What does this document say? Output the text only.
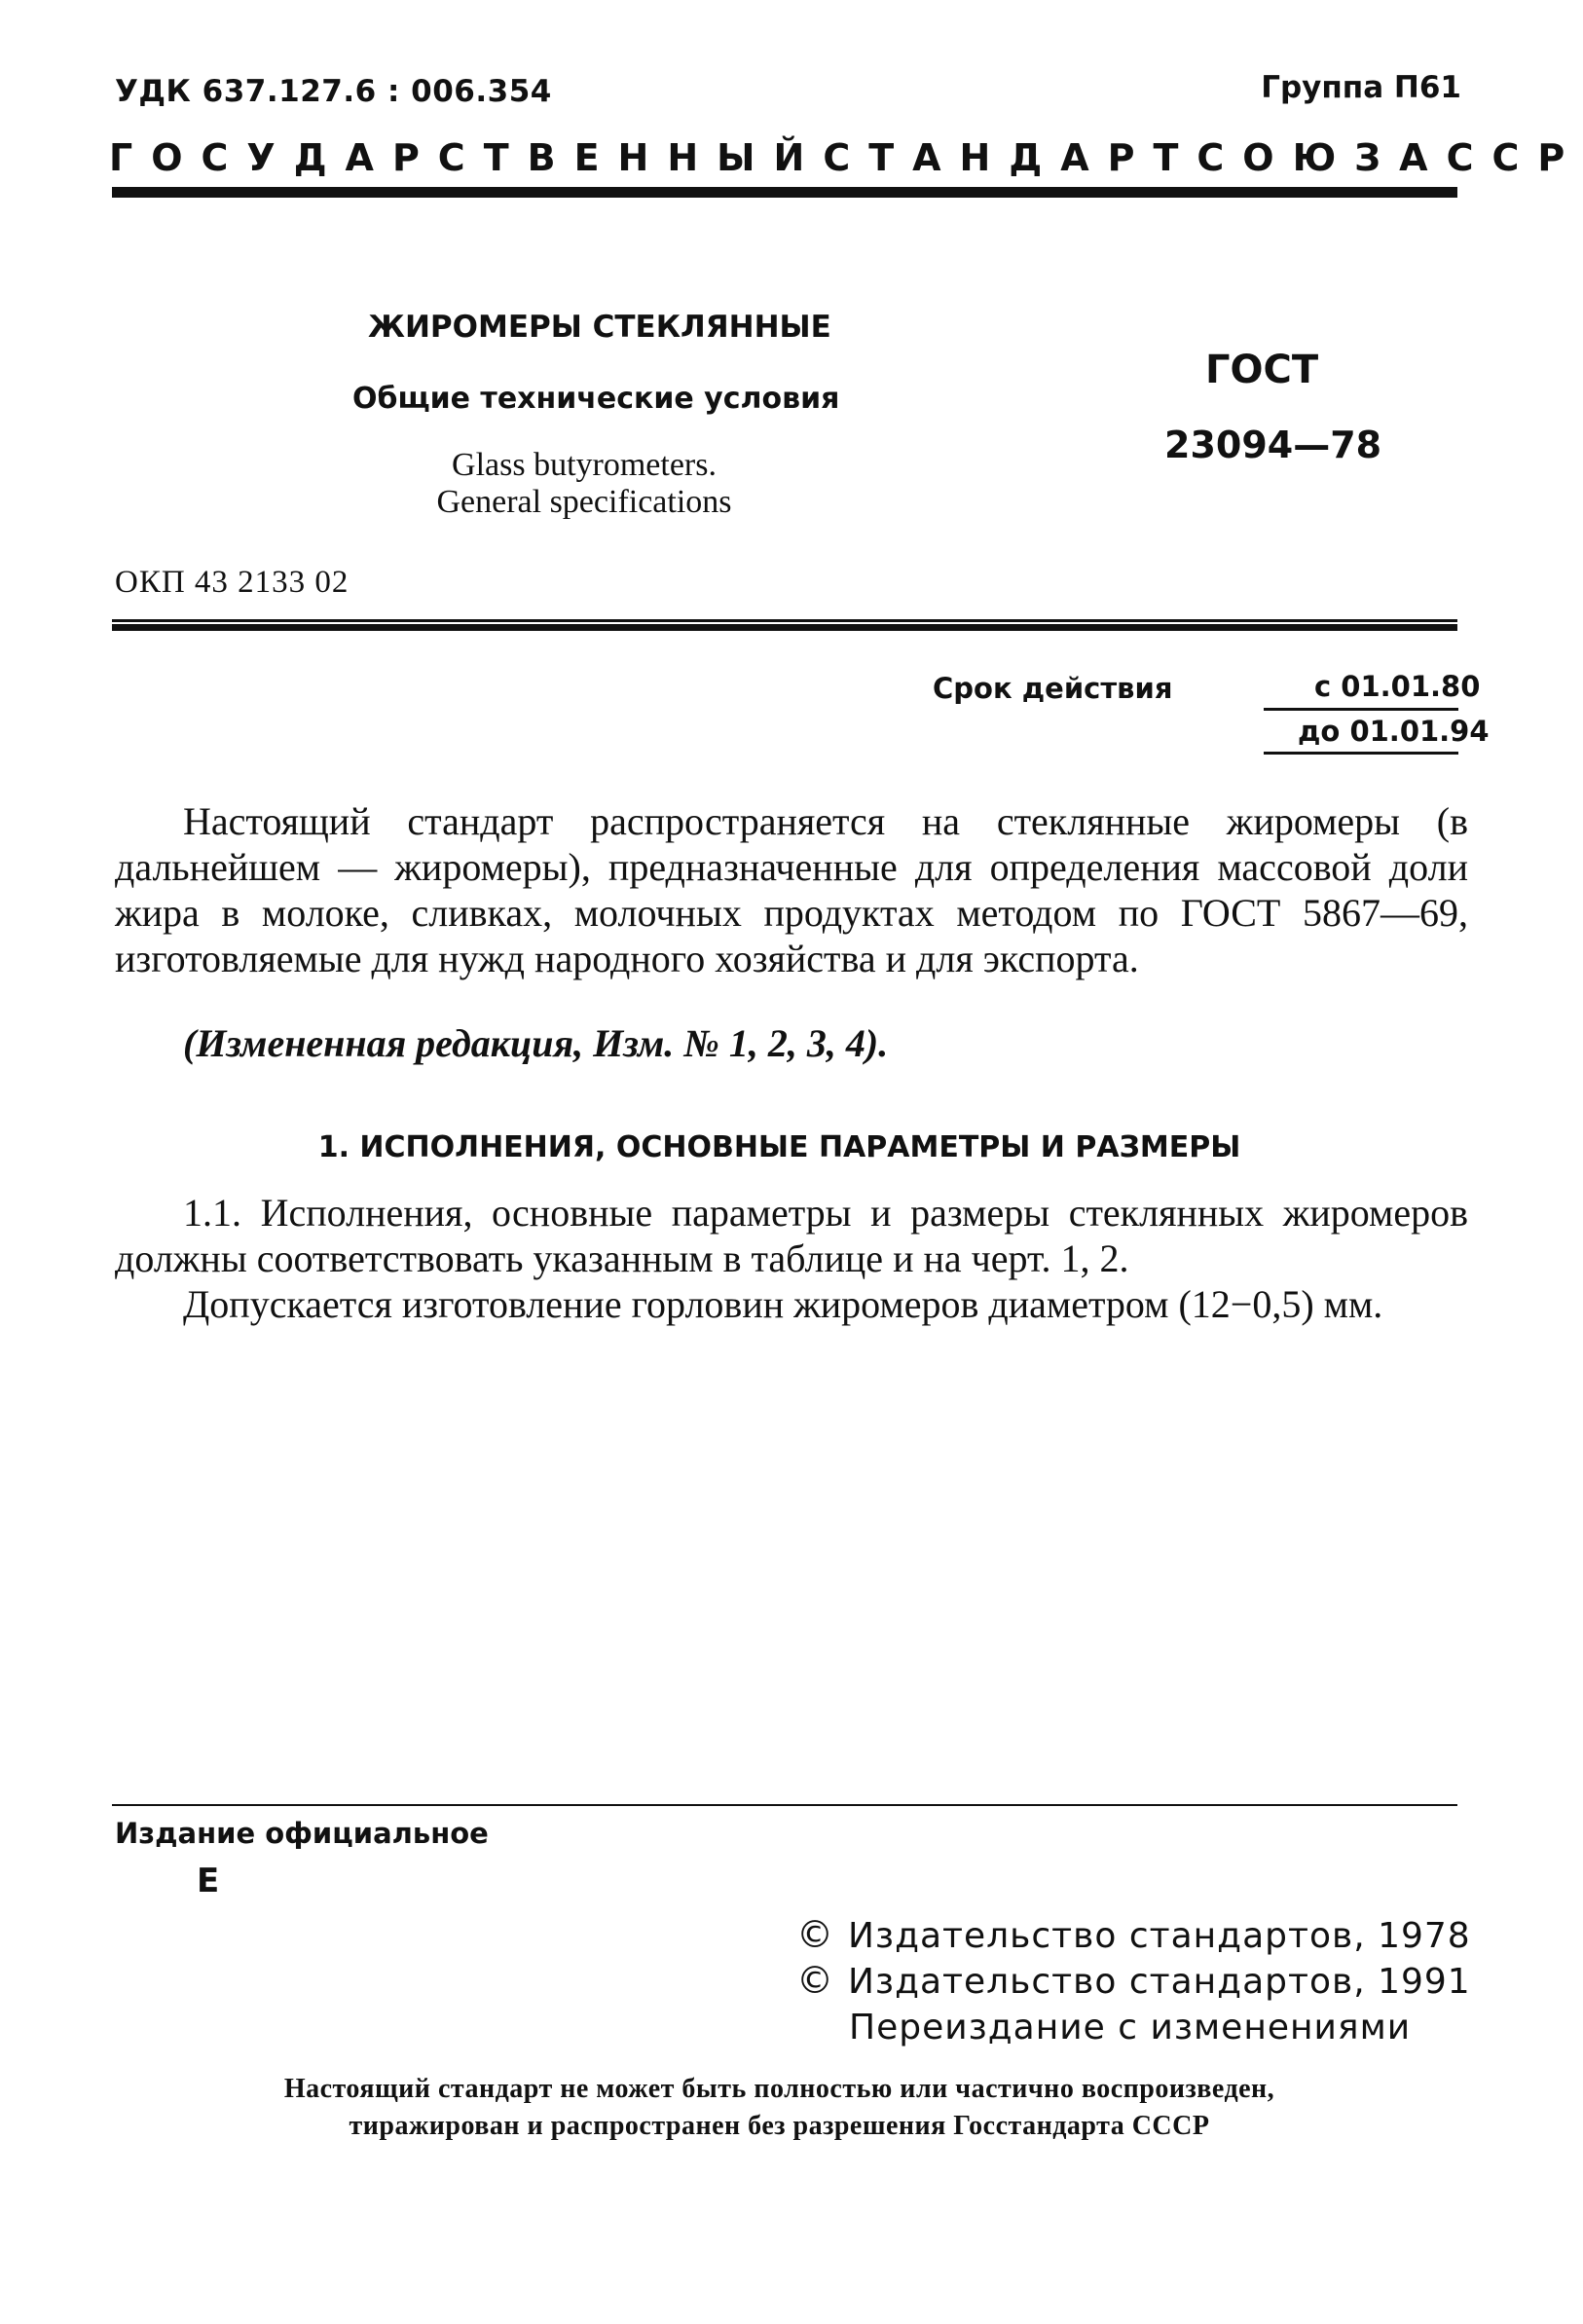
УДК 637.127.6 : 006.354	Группа П61
ГОСУДАРСТВЕННЫЙ СТАНДАРТ СОЮЗА ССР
ЖИРОМЕРЫ СТЕКЛЯННЫЕ
Общие технические условия
Glass butyrometers.
General specifications
ГОСТ
23094—78
ОКП 43 2133 02
Срок действия	с 01.01.80
до 01.01.94

Настоящий стандарт распространяется на стеклянные жиромеры (в дальнейшем — жиромеры), предназначенные для определения массовой доли жира в молоке, сливках, молочных продуктах методом по ГОСТ 5867—69, изготовляемые для нужд народного хозяйства и для экспорта.

(Измененная редакция, Изм. № 1, 2, 3, 4).
1. ИСПОЛНЕНИЯ, ОСНОВНЫЕ ПАРАМЕТРЫ И РАЗМЕРЫ

1.1. Исполнения, основные параметры и размеры стеклянных жиромеров должны соответствовать указанным в таблице и на черт. 1, 2.

Допускается изготовление горловин жиромеров диаметром (12−0,5) мм.

Издание официальное
Е
© Издательство стандартов, 1978
© Издательство стандартов, 1991
Переиздание с изменениями
Настоящий стандарт не может быть полностью или частично воспроизведен,
тиражирован и распространен без разрешения Госстандарта СССР
